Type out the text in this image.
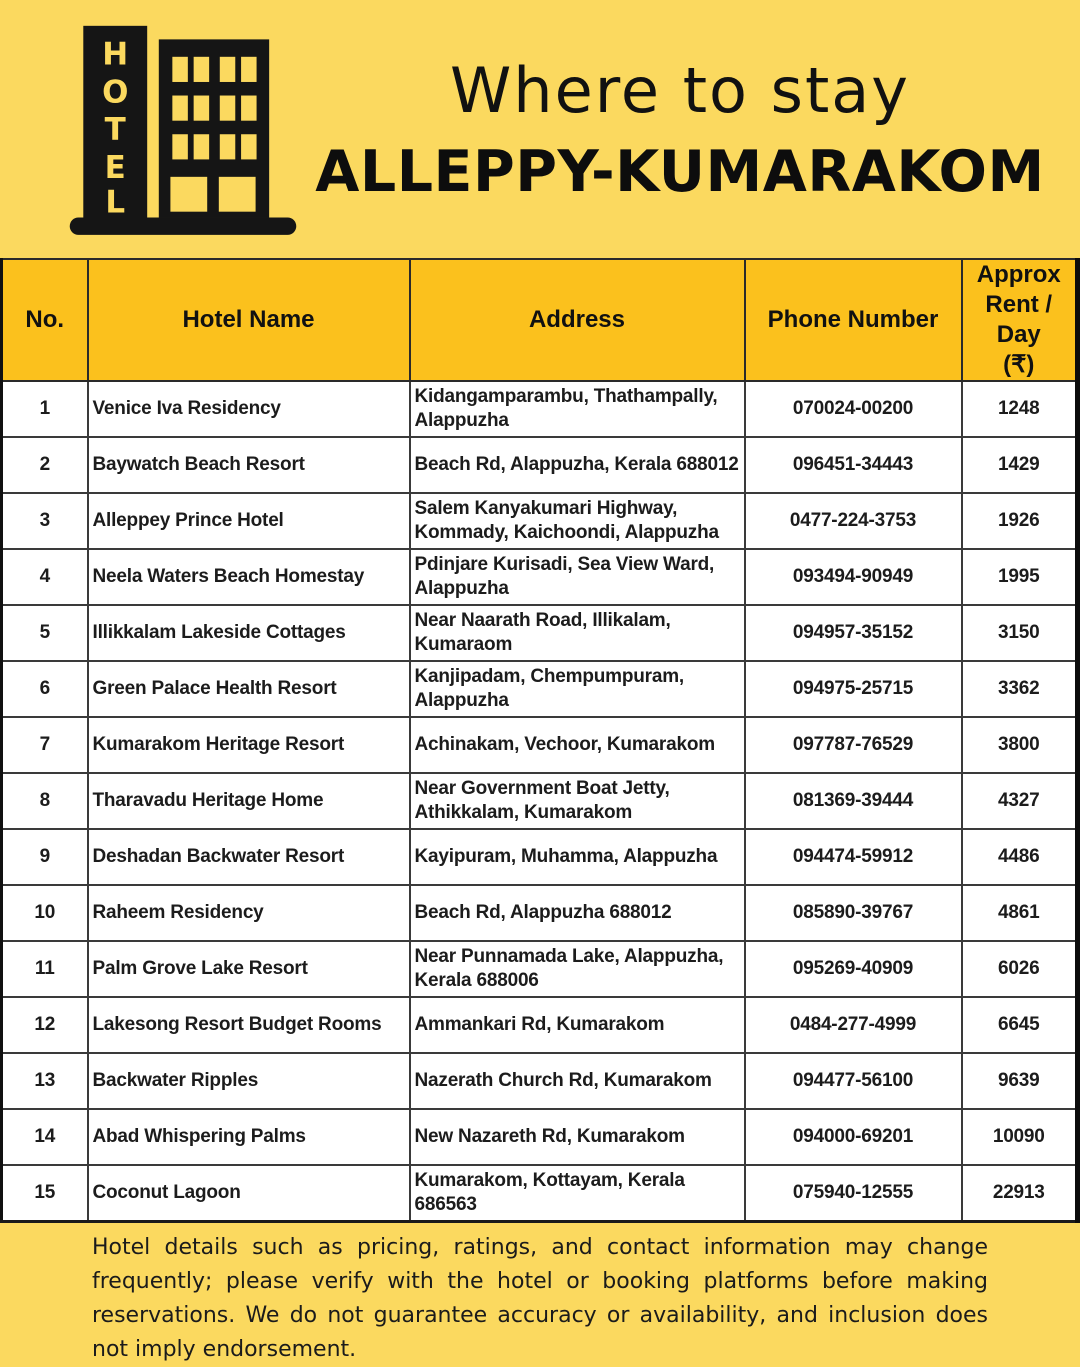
H
O
T
E
L
Where to stay
ALLEPPY-KUMARAKOM
No.	Hotel Name	Address	Phone Number	Approx
Rent / Day
(₹)

1	Venice Iva Residency	Kidangamparambu, Thathampally, Alappuzha	070024-00200	1248
2	Baywatch Beach Resort	Beach Rd, Alappuzha, Kerala 688012	096451-34443	1429
3	Alleppey Prince Hotel	Salem Kanyakumari Highway, Kommady, Kaichoondi, Alappuzha	0477-224-3753	1926
4	Neela Waters Beach Homestay	Pdinjare Kurisadi, Sea View Ward, Alappuzha	093494-90949	1995
5	Illikkalam Lakeside Cottages	Near Naarath Road, Illikalam, Kumaraom	094957-35152	3150
6	Green Palace Health Resort	Kanjipadam, Chempumpuram, Alappuzha	094975-25715	3362
7	Kumarakom Heritage Resort	Achinakam, Vechoor, Kumarakom	097787-76529	3800
8	Tharavadu Heritage Home	Near Government Boat Jetty, Athikkalam, Kumarakom	081369-39444	4327
9	Deshadan Backwater Resort	Kayipuram, Muhamma, Alappuzha	094474-59912	4486
10	Raheem Residency	Beach Rd, Alappuzha 688012	085890-39767	4861
11	Palm Grove Lake Resort	Near Punnamada Lake, Alappuzha, Kerala 688006	095269-40909	6026
12	Lakesong Resort Budget Rooms	Ammankari Rd, Kumarakom	0484-277-4999	6645
13	Backwater Ripples	Nazerath Church Rd, Kumarakom	094477-56100	9639
14	Abad Whispering Palms	New Nazareth Rd, Kumarakom	094000-69201	10090
15	Coconut Lagoon	Kumarakom, Kottayam, Kerala 686563	075940-12555	22913
Hotel details such as pricing, ratings, and contact information may change frequently; please verify with the hotel or booking platforms before making reservations. We do not guarantee accuracy or availability, and inclusion does not imply endorsement.
